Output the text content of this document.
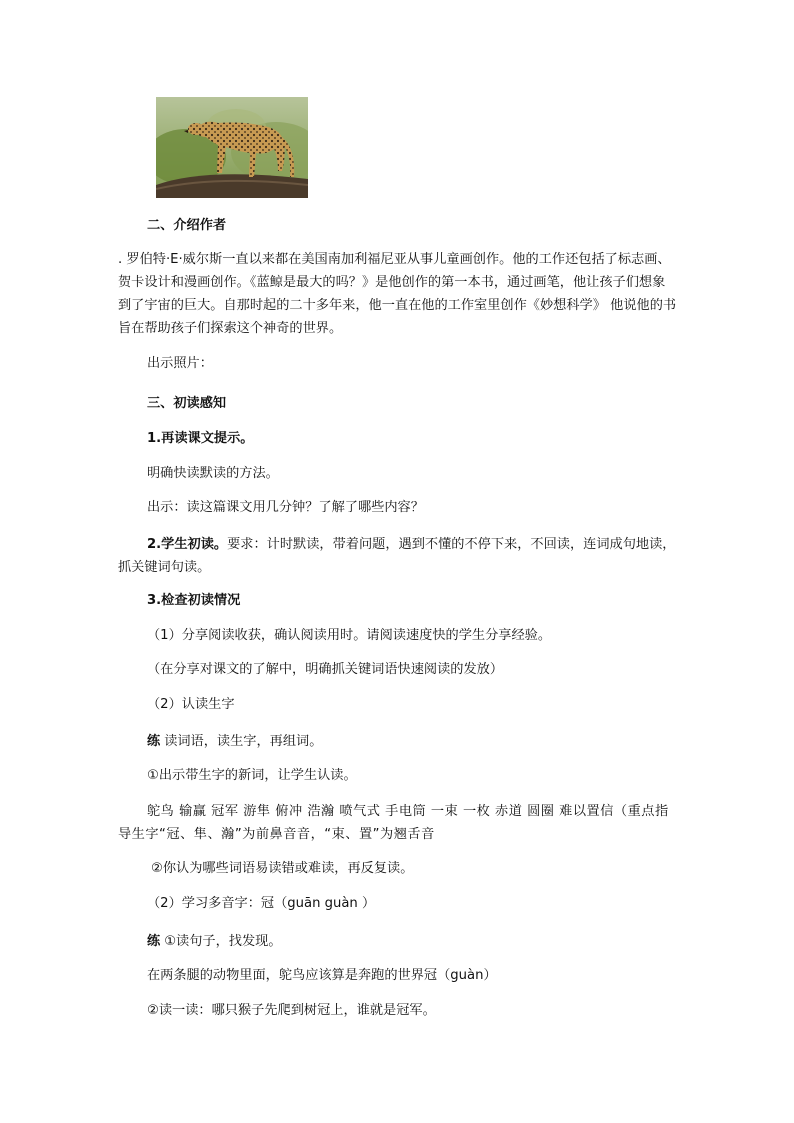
二、介绍作者
. 罗伯特·E·威尔斯一直以来都在美国南加利福尼亚从事儿童画创作。他的工作还包括了标志画、贺卡设计和漫画创作。《蓝鲸是最大的吗？》是他创作的第一本书，通过画笔，他让孩子们想象到了宇宙的巨大。自那时起的二十多年来，他一直在他的工作室里创作《妙想科学》 他说他的书旨在帮助孩子们探索这个神奇的世界。
出示照片：
三、初读感知
1.再读课文提示。
明确快读默读的方法。
出示：读这篇课文用几分钟？了解了哪些内容？
2.学生初读。要求：计时默读，带着问题，遇到不懂的不停下来，不回读，连词成句地读，抓关键词句读。
3.检查初读情况
（1）分享阅读收获，确认阅读用时。请阅读速度快的学生分享经验。
（在分享对课文的了解中，明确抓关键词语快速阅读的发放）
（2）认读生字
练 读词语，读生字，再组词。
①出示带生字的新词，让学生认读。
鸵鸟 输赢 冠军 游隼 俯冲 浩瀚 喷气式 手电筒 一束 一枚 赤道 圆圈 难以置信（重点指导生字“冠、隼、瀚”为前鼻音音，“束、置”为翘舌音
②你认为哪些词语易读错或难读，再反复读。
（2）学习多音字：冠（guān guàn ）
练 ①读句子，找发现。
在两条腿的动物里面，鸵鸟应该算是奔跑的世界冠（guàn）
②读一读：哪只猴子先爬到树冠上，谁就是冠军。
